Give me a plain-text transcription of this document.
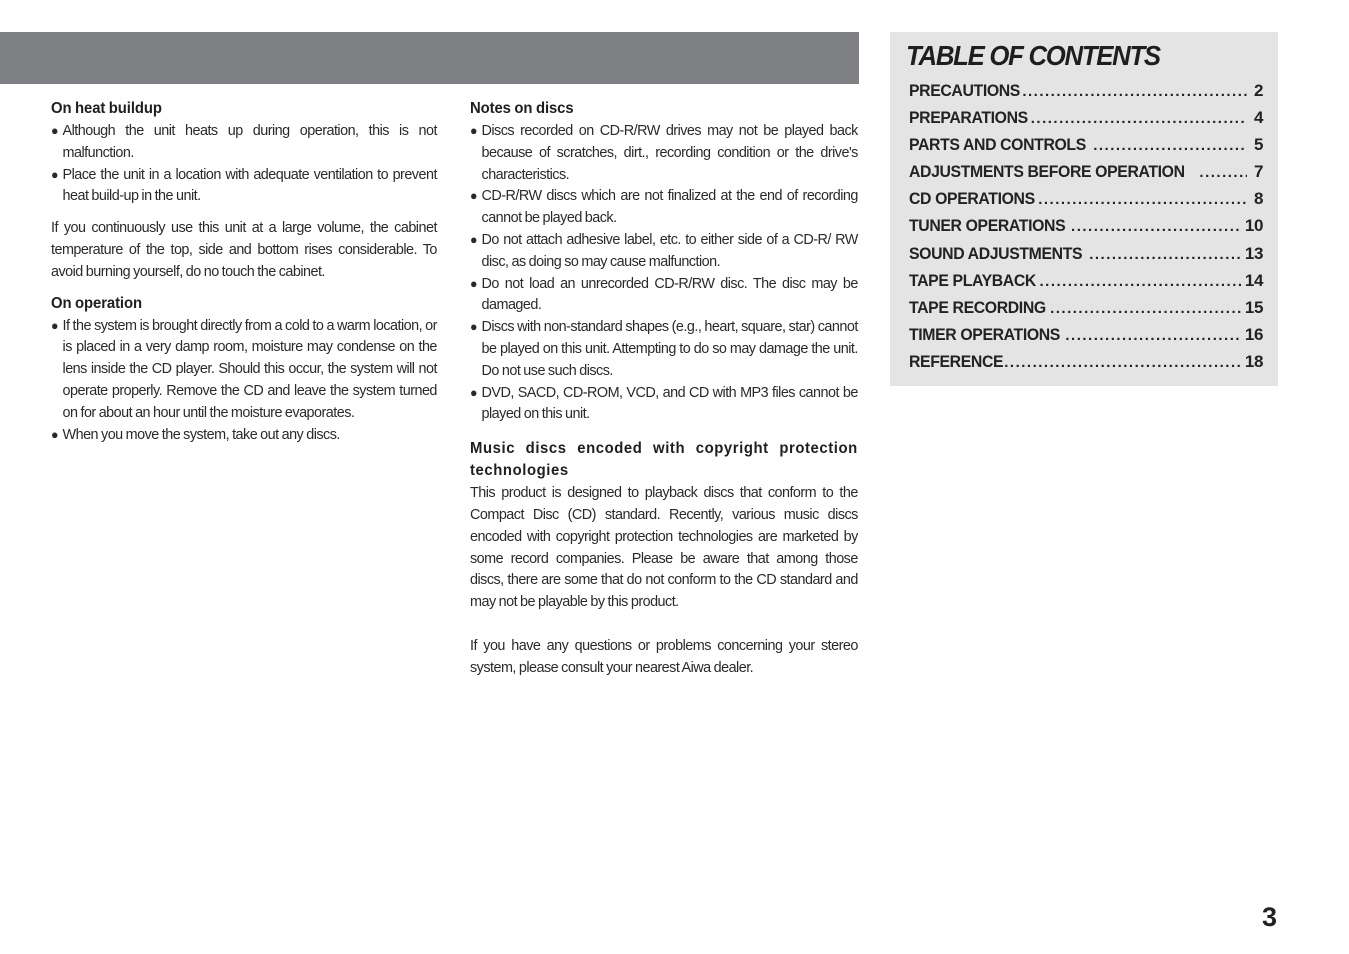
On heat buildup
● Although the unit heats up during operation, this is not malfunction.
● Place the unit in a location with adequate ventilation to prevent heat build-up in the unit.

If you continuously use this unit at a large volume, the cabinet temperature of the top, side and bottom rises considerable. To avoid burning yourself, do no touch the cabinet.

On operation
● If the system is brought directly from a cold to a warm location, or is placed in a very damp room, moisture may condense on the lens inside the CD player. Should this occur, the system will not operate properly. Remove the CD and leave the system turned on for about an hour until the moisture evaporates.
● When you move the system, take out any discs.
Notes on discs
● Discs recorded on CD-R/RW drives may not be played back because of scratches, dirt., recording condition or the drive's characteristics.
● CD-R/RW discs which are not finalized at the end of recording cannot be played back.
● Do not attach adhesive label, etc. to either side of a CD-R/ RW disc, as doing so may cause malfunction.
● Do not load an unrecorded CD-R/RW disc. The disc may be damaged.
● Discs with non-standard shapes (e.g., heart, square, star) cannot be played on this unit. Attempting to do so may damage the unit. Do not use such discs.
● DVD, SACD, CD-ROM, VCD, and CD with MP3 files cannot be played on this unit.
Music discs encoded with copyright protection technologies

This product is designed to playback discs that conform to the Compact Disc (CD) standard. Recently, various music discs encoded with copyright protection technologies are marketed by some record companies. Please be aware that among those discs, there are some that do not conform to the CD standard and may not be playable by this product.

If you have any questions or problems concerning your stereo system, please consult your nearest Aiwa dealer.

TABLE OF CONTENTS
PRECAUTIONS .....	2
PREPARATIONS .....	4
PARTS AND CONTROLS .....	5
ADJUSTMENTS BEFORE OPERATION .....	7
CD OPERATIONS .....	8
TUNER OPERATIONS .....	10
SOUND ADJUSTMENTS .....	13
TAPE PLAYBACK .....	14
TAPE RECORDING .....	15
TIMER OPERATIONS .....	16
REFERENCE .....	18
3
